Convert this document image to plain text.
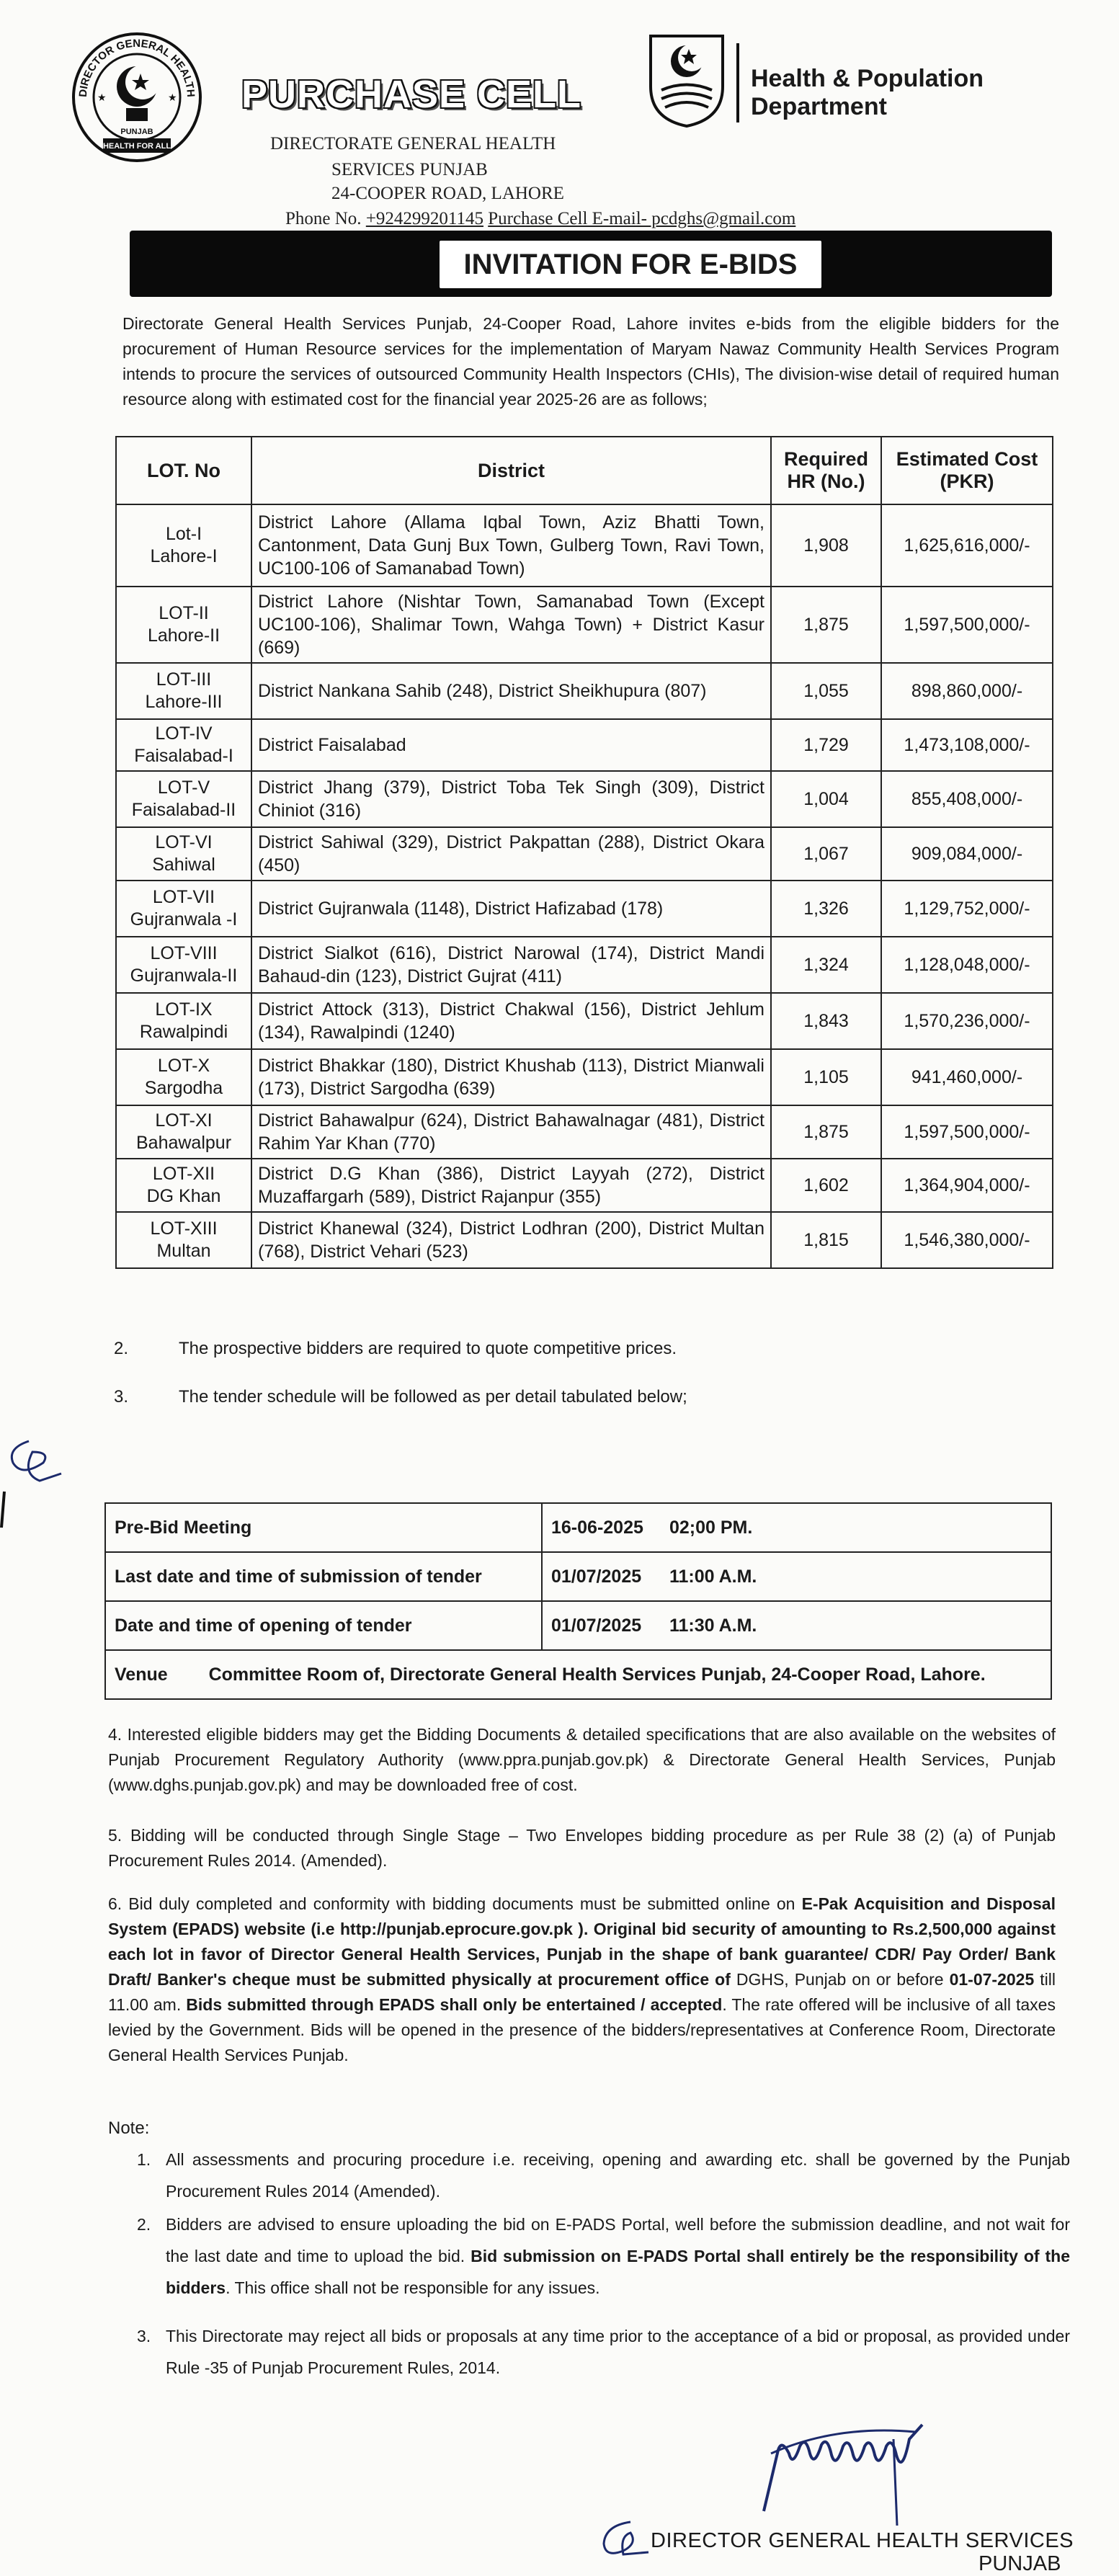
DIRECTOR GENERAL HEALTH
★	★
PUNJAB
HEALTH FOR ALL
PURCHASE CELL	Health & Population Department
DIRECTORATE GENERAL HEALTH
SERVICES PUNJAB
24-COOPER ROAD, LAHORE
Phone No. +924299201145 Purchase Cell E-mail- pcdghs@gmail.com
INVITATION FOR E-BIDS
Directorate General Health Services Punjab, 24-Cooper Road, Lahore invites e-bids from the eligible bidders for the procurement of Human Resource services for the implementation of Maryam Nawaz Community Health Services Program intends to procure the services of outsourced Community Health Inspectors (CHIs), The division-wise detail of required human resource along with estimated cost for the financial year 2025-26 are as follows;
LOT. No	District	Required HR (No.)	Estimated Cost (PKR)

Lot-I
Lahore-I	District Lahore (Allama Iqbal Town, Aziz Bhatti Town, Cantonment, Data Gunj Bux Town, Gulberg Town, Ravi Town, UC100-106 of Samanabad Town)	1,908	1,625,616,000/-

LOT-II
Lahore-II	District Lahore (Nishtar Town, Samanabad Town (Except UC100-106), Shalimar Town, Wahga Town) + District Kasur (669)	1,875	1,597,500,000/-

LOT-III
Lahore-III	District Nankana Sahib (248), District Sheikhupura (807)	1,055	898,860,000/-

LOT-IV
Faisalabad-I	District Faisalabad	1,729	1,473,108,000/-

LOT-V
Faisalabad-II	District Jhang (379), District Toba Tek Singh (309), District Chiniot (316)	1,004	855,408,000/-

LOT-VI
Sahiwal	District Sahiwal (329), District Pakpattan (288), District Okara (450)	1,067	909,084,000/-

LOT-VII
Gujranwala -I	District Gujranwala (1148), District Hafizabad (178)	1,326	1,129,752,000/-

LOT-VIII
Gujranwala-II	District Sialkot (616), District Narowal (174), District Mandi Bahaud-din (123), District Gujrat (411)	1,324	1,128,048,000/-

LOT-IX
Rawalpindi	District Attock (313), District Chakwal (156), District Jehlum (134), Rawalpindi (1240)	1,843	1,570,236,000/-

LOT-X
Sargodha	District Bhakkar (180), District Khushab (113), District Mianwali (173), District Sargodha (639)	1,105	941,460,000/-

LOT-XI
Bahawalpur	District Bahawalpur (624), District Bahawalnagar (481), District Rahim Yar Khan (770)	1,875	1,597,500,000/-

LOT-XII
DG Khan	District D.G Khan (386), District Layyah (272), District Muzaffargarh (589), District Rajanpur (355)	1,602	1,364,904,000/-

LOT-XIII
Multan	District Khanewal (324), District Lodhran (200), District Multan (768), District Vehari (523)	1,815	1,546,380,000/-
2.	The prospective bidders are required to quote competitive prices.
3.	The tender schedule will be followed as per detail tabulated below;
Pre-Bid Meeting	16-06-2025	02;00 PM.
Last date and time of submission of tender	01/07/2025	11:00 A.M.
Date and time of opening of tender	01/07/2025	11:30 A.M.
Venue Committee Room of, Directorate General Health Services Punjab, 24-Cooper Road, Lahore.		
4. Interested eligible bidders may get the Bidding Documents & detailed specifications that are also available on the websites of Punjab Procurement Regulatory Authority (www.ppra.punjab.gov.pk) & Directorate General Health Services, Punjab (www.dghs.punjab.gov.pk) and may be downloaded free of cost.
5. Bidding will be conducted through Single Stage – Two Envelopes bidding procedure as per Rule 38 (2) (a) of Punjab Procurement Rules 2014. (Amended).
6. Bid duly completed and conformity with bidding documents must be submitted online on E-Pak Acquisition and Disposal System (EPADS) website (i.e http://punjab.eprocure.gov.pk ). Original bid security of amounting to Rs.2,500,000 against each lot in favor of Director General Health Services, Punjab in the shape of bank guarantee/ CDR/ Pay Order/ Bank Draft/ Banker's cheque must be submitted physically at procurement office of DGHS, Punjab on or before 01-07-2025 till 11.00 am. Bids submitted through EPADS shall only be entertained / accepted. The rate offered will be inclusive of all taxes levied by the Government. Bids will be opened in the presence of the bidders/representatives at Conference Room, Directorate General Health Services Punjab.
Note:
1. All assessments and procuring procedure i.e. receiving, opening and awarding etc. shall be governed by the Punjab Procurement Rules 2014 (Amended).
2. Bidders are advised to ensure uploading the bid on E-PADS Portal, well before the submission deadline, and not wait for the last date and time to upload the bid. Bid submission on E-PADS Portal shall entirely be the responsibility of the bidders. This office shall not be responsible for any issues.
3. This Directorate may reject all bids or proposals at any time prior to the acceptance of a bid or proposal, as provided under Rule -35 of Punjab Procurement Rules, 2014.
DIRECTOR GENERAL HEALTH SERVICES
PUNJAB
